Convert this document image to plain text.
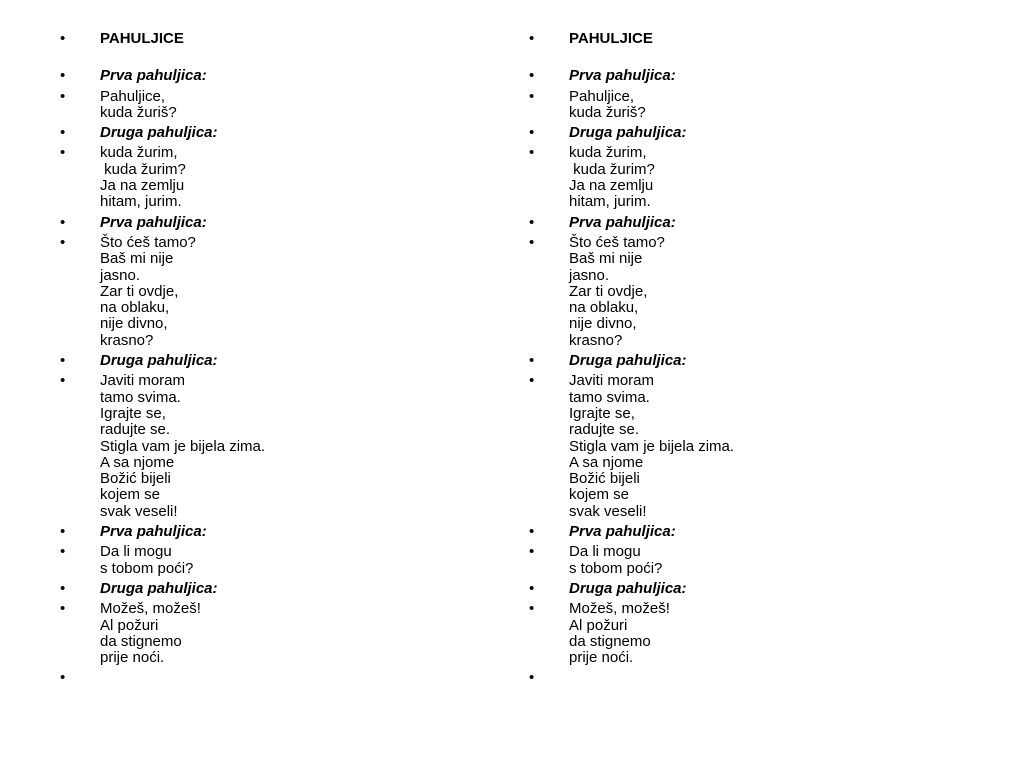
•	PAHULJICE
•	Prva pahuljica:
•	Pahuljice,
kuda žuriš?
•	Druga pahuljica:
•	kuda žurim,
kuda žurim?
Ja na zemlju
hitam, jurim.
•	Prva pahuljica:
•	Što ćeš tamo?
Baš mi nije
jasno.
Zar ti ovdje,
na oblaku,
nije divno,
krasno?
•	Druga pahuljica:
•	Javiti moram
tamo svima.
Igrajte se,
radujte se.
Stigla vam je bijela zima.
A sa njome
Božić bijeli
kojem se
svak veseli!
•	Prva pahuljica:
•	Da li mogu
s tobom poći?
•	Druga pahuljica:
•	Možeš, možeš!
Al požuri
da stignemo
prije noći.
•
•	PAHULJICE
•	Prva pahuljica:
•	Pahuljice,
kuda žuriš?
•	Druga pahuljica:
•	kuda žurim,
kuda žurim?
Ja na zemlju
hitam, jurim.
•	Prva pahuljica:
•	Što ćeš tamo?
Baš mi nije
jasno.
Zar ti ovdje,
na oblaku,
nije divno,
krasno?
•	Druga pahuljica:
•	Javiti moram
tamo svima.
Igrajte se,
radujte se.
Stigla vam je bijela zima.
A sa njome
Božić bijeli
kojem se
svak veseli!
•	Prva pahuljica:
•	Da li mogu
s tobom poći?
•	Druga pahuljica:
•	Možeš, možeš!
Al požuri
da stignemo
prije noći.
•
